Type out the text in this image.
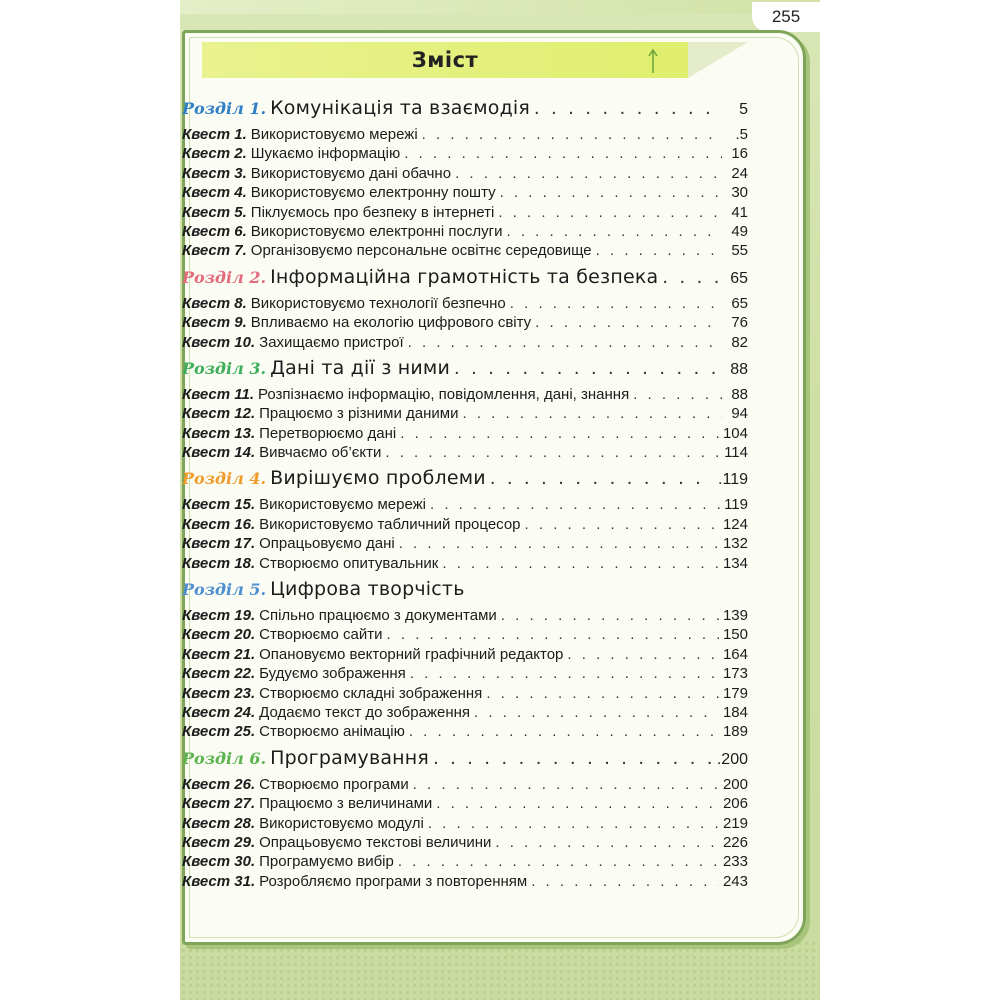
255
Зміст
Розділ 1. Комунікація та взаємодія . . .	5
Квест 1. Використовуємо мережі . . .	.5
Квест 2. Шукаємо інформацію . . .	16
Квест 3. Використовуємо дані обачно . . .	24
Квест 4. Використовуємо електронну пошту . . .	30
Квест 5. Піклуємось про безпеку в інтернеті . . .	41
Квест 6. Використовуємо електронні послуги . . .	49
Квест 7. Організовуємо персональне освітнє середовище . . .	55
Розділ 2. Інформаційна грамотність та безпека . . .	65
Квест 8. Використовуємо технології безпечно . . .	65
Квест 9. Впливаємо на екологію цифрового світу . . .	76
Квест 10. Захищаємо пристрої . . .	82
Розділ 3. Дані та дії з ними . . .	88
Квест 11. Розпізнаємо інформацію, повідомлення, дані, знання . . .	88
Квест 12. Працюємо з різними даними . . .	94
Квест 13. Перетворюємо дані . . .	104
Квест 14. Вивчаємо об’єкти . . .	114
Розділ 4. Вирішуємо проблеми . . .	.119
Квест 15. Використовуємо мережі . . .	119
Квест 16. Використовуємо табличний процесор . . .	124
Квест 17. Опрацьовуємо дані . . .	132
Квест 18. Створюємо опитувальник . . .	134
Розділ 5. Цифрова творчість
Квест 19. Спільно працюємо з документами . . .	139
Квест 20. Створюємо сайти . . .	150
Квест 21. Опановуємо векторний графічний редактор . . .	164
Квест 22. Будуємо зображення . . .	173
Квест 23. Створюємо складні зображення . . .	179
Квест 24. Додаємо текст до зображення . . .	184
Квест 25. Створюємо анімацію . . .	189
Розділ 6. Програмування . . .	.200
Квест 26. Створюємо програми . . .	200
Квест 27. Працюємо з величинами . . .	206
Квест 28. Використовуємо модулі . . .	219
Квест 29. Опрацьовуємо текстові величини . . .	226
Квест 30. Програмуємо вибір . . .	233
Квест 31. Розробляємо програми з повторенням . . .	243
